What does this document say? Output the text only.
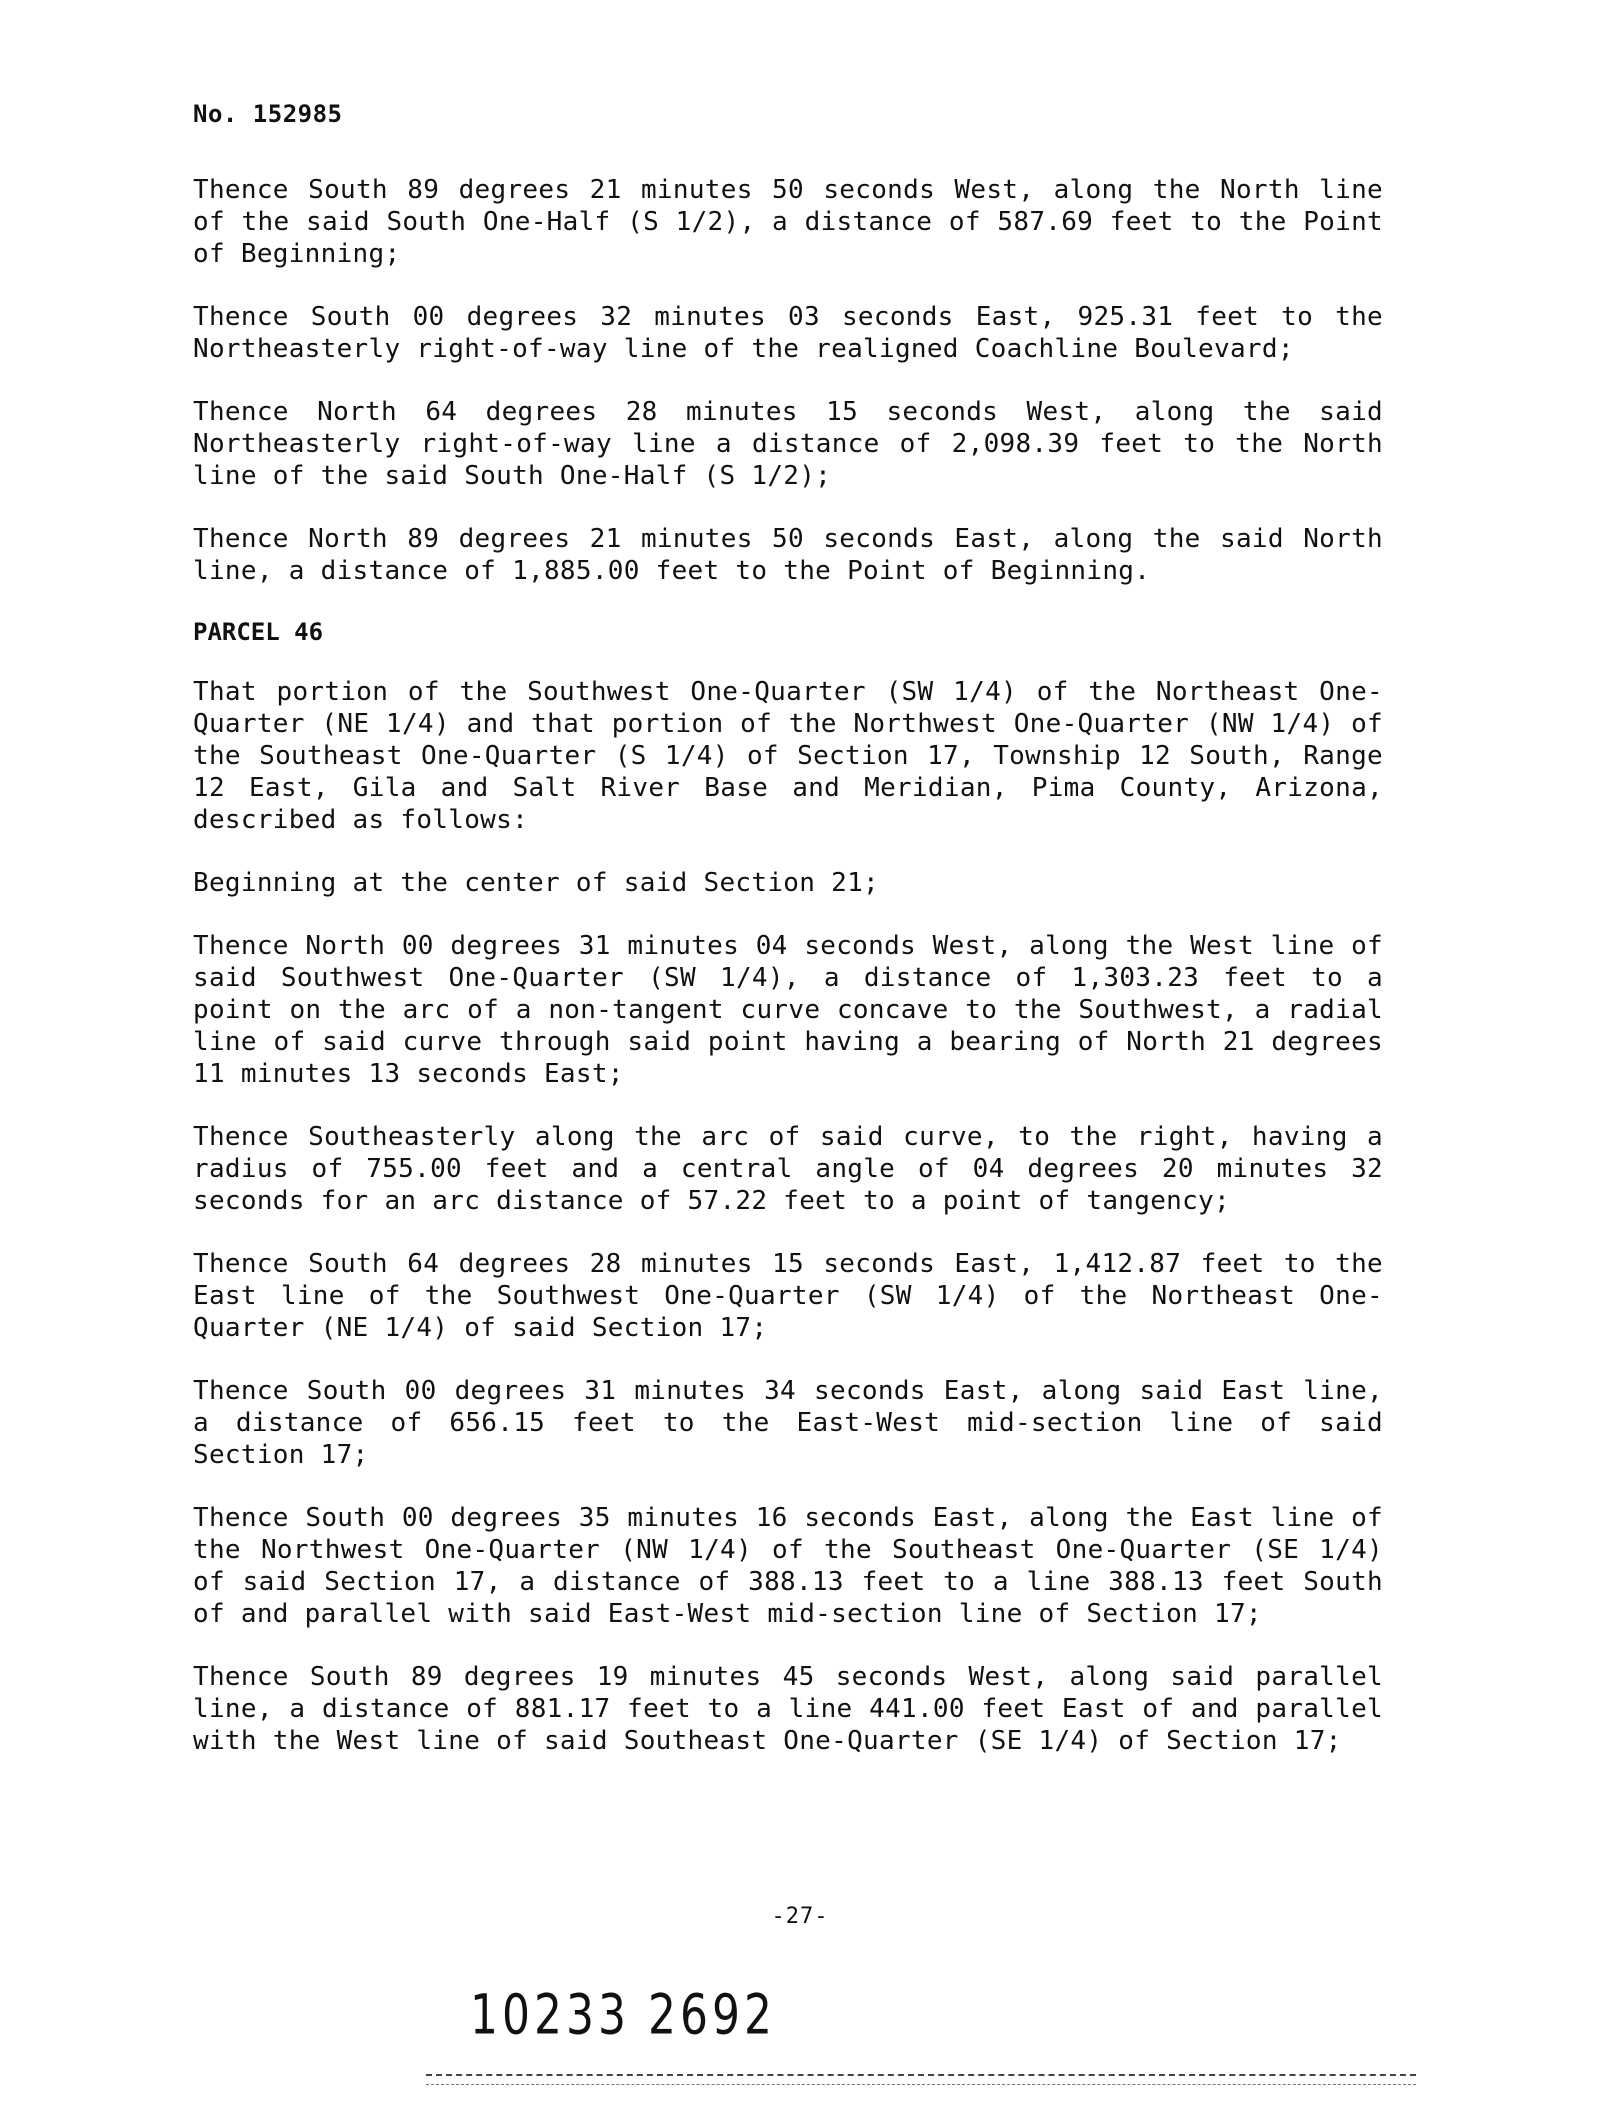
No. 152985

Thence South 89 degrees 21 minutes 50 seconds West, along the North line of the said South One-Half (S 1/2), a distance of 587.69 feet to the Point of Beginning;

Thence South 00 degrees 32 minutes 03 seconds East, 925.31 feet to the Northeasterly right-of-way line of the realigned Coachline Boulevard;

Thence North 64 degrees 28 minutes 15 seconds West, along the said Northeasterly right-of-way line a distance of 2,098.39 feet to the North line of the said South One-Half (S 1/2);

Thence North 89 degrees 21 minutes 50 seconds East, along the said North line, a distance of 1,885.00 feet to the Point of Beginning.

PARCEL 46

That portion of the Southwest One-Quarter (SW 1/4) of the Northeast One-Quarter (NE 1/4) and that portion of the Northwest One-Quarter (NW 1/4) of the Southeast One-Quarter (S 1/4) of Section 17, Township 12 South, Range 12 East, Gila and Salt River Base and Meridian, Pima County, Arizona, described as follows:

Beginning at the center of said Section 21;

Thence North 00 degrees 31 minutes 04 seconds West, along the West line of said Southwest One-Quarter (SW 1/4), a distance of 1,303.23 feet to a point on the arc of a non-tangent curve concave to the Southwest, a radial line of said curve through said point having a bearing of North 21 degrees 11 minutes 13 seconds East;

Thence Southeasterly along the arc of said curve, to the right, having a radius of 755.00 feet and a central angle of 04 degrees 20 minutes 32 seconds for an arc distance of 57.22 feet to a point of tangency;

Thence South 64 degrees 28 minutes 15 seconds East, 1,412.87 feet to the East line of the Southwest One-Quarter (SW 1/4) of the Northeast One-Quarter (NE 1/4) of said Section 17;

Thence South 00 degrees 31 minutes 34 seconds East, along said East line, a distance of 656.15 feet to the East-West mid-section line of said Section 17;

Thence South 00 degrees 35 minutes 16 seconds East, along the East line of the Northwest One-Quarter (NW 1/4) of the Southeast One-Quarter (SE 1/4) of said Section 17, a distance of 388.13 feet to a line 388.13 feet South of and parallel with said East-West mid-section line of Section 17;

Thence South 89 degrees 19 minutes 45 seconds West, along said parallel line, a distance of 881.17 feet to a line 441.00 feet East of and parallel with the West line of said Southeast One-Quarter (SE 1/4) of Section 17;

-27-
10233 2692
